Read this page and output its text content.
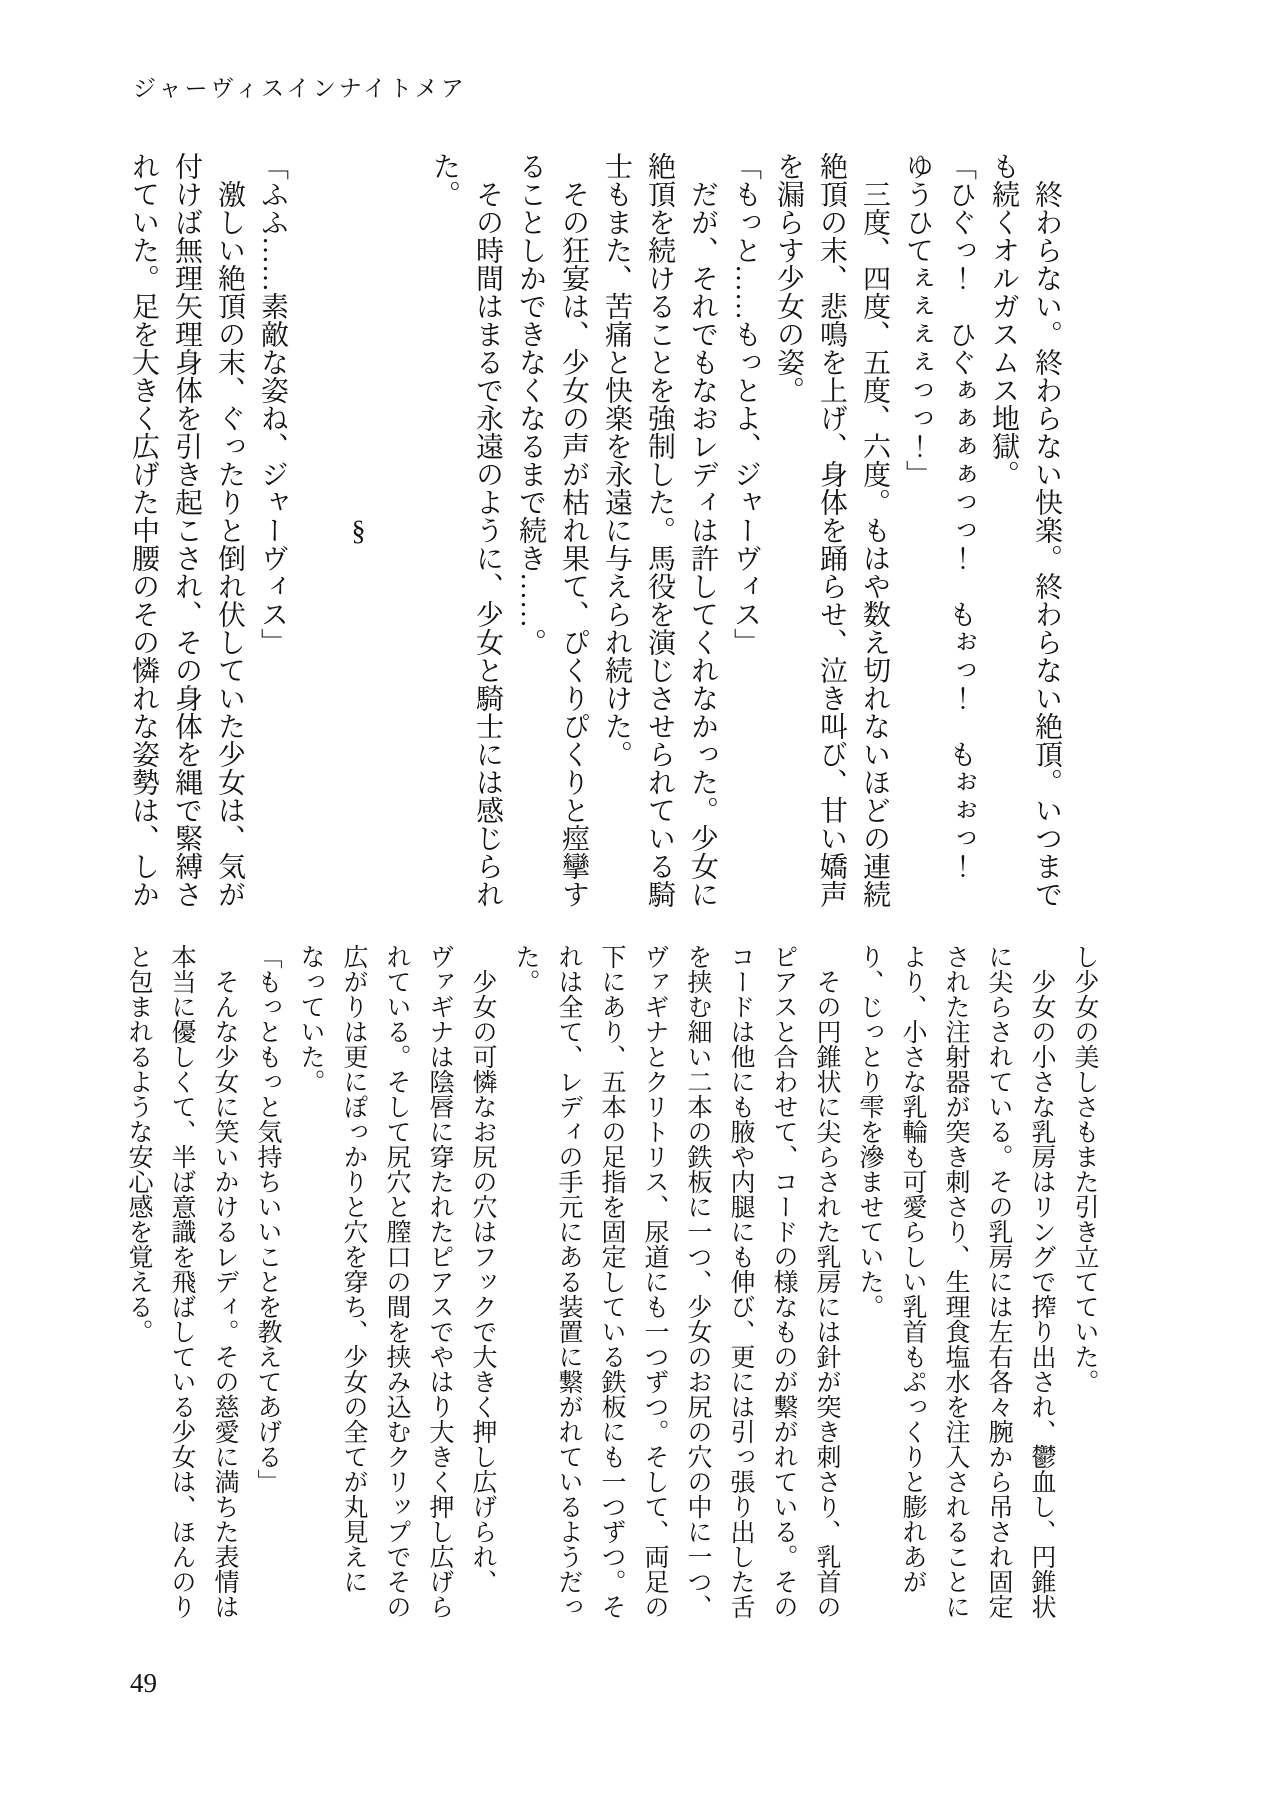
ジャーヴィスインナイトメア

終わらない。終わらない快楽。終わらない絶頂。いつまでも続くオルガスムス地獄。

「ひぐっ！　ひぐぁぁぁぁっっ！　もぉっ！　もぉぉっ！　ゆうひてぇぇぇぇっっ！」

三度、四度、五度、六度。もはや数え切れないほどの連続絶頂の末、悲鳴を上げ、身体を踊らせ、泣き叫び、甘い嬌声を漏らす少女の姿。

「もっと……もっとよ、ジャーヴィス」

だが、それでもなおレディは許してくれなかった。少女に絶頂を続けることを強制した。馬役を演じさせられている騎士もまた、苦痛と快楽を永遠に与えられ続けた。

その狂宴は、少女の声が枯れ果て、ぴくりぴくりと痙攣することしかできなくなるまで続き……。

その時間はまるで永遠のように、少女と騎士には感じられた。

§

「ふふ……素敵な姿ね、ジャーヴィス」

激しい絶頂の末、ぐったりと倒れ伏していた少女は、気が付けば無理矢理身体を引き起こされ、その身体を縄で緊縛されていた。足を大きく広げた中腰のその憐れな姿勢は、しか

し少女の美しさもまた引き立てていた。

少女の小さな乳房はリングで搾り出され、鬱血し、円錐状に尖らされている。その乳房には左右各々腕から吊され固定された注射器が突き刺さり、生理食塩水を注入されることにより、小さな乳輪も可愛らしい乳首もぷっくりと膨れあがり、じっとり雫を滲ませていた。

その円錐状に尖らされた乳房には針が突き刺さり、乳首のピアスと合わせて、コードの様なものが繋がれている。そのコードは他にも腋や内腿にも伸び、更には引っ張り出した舌を挟む細い二本の鉄板に一つ、少女のお尻の穴の中に一つ、ヴァギナとクリトリス、尿道にも一つずつ。そして、両足の下にあり、五本の足指を固定している鉄板にも一つずつ。それは全て、レディの手元にある装置に繋がれているようだった。

少女の可憐なお尻の穴はフックで大きく押し広げられ、ヴァギナは陰唇に穿たれたピアスでやはり大きく押し広げられている。そして尻穴と膣口の間を挟み込むクリップでその広がりは更にぽっかりと穴を穿ち、少女の全てが丸見えになっていた。

「もっともっと気持ちいいことを教えてあげる」

そんな少女に笑いかけるレディ。その慈愛に満ちた表情は本当に優しくて、半ば意識を飛ばしている少女は、ほんのりと包まれるような安心感を覚える。

49
